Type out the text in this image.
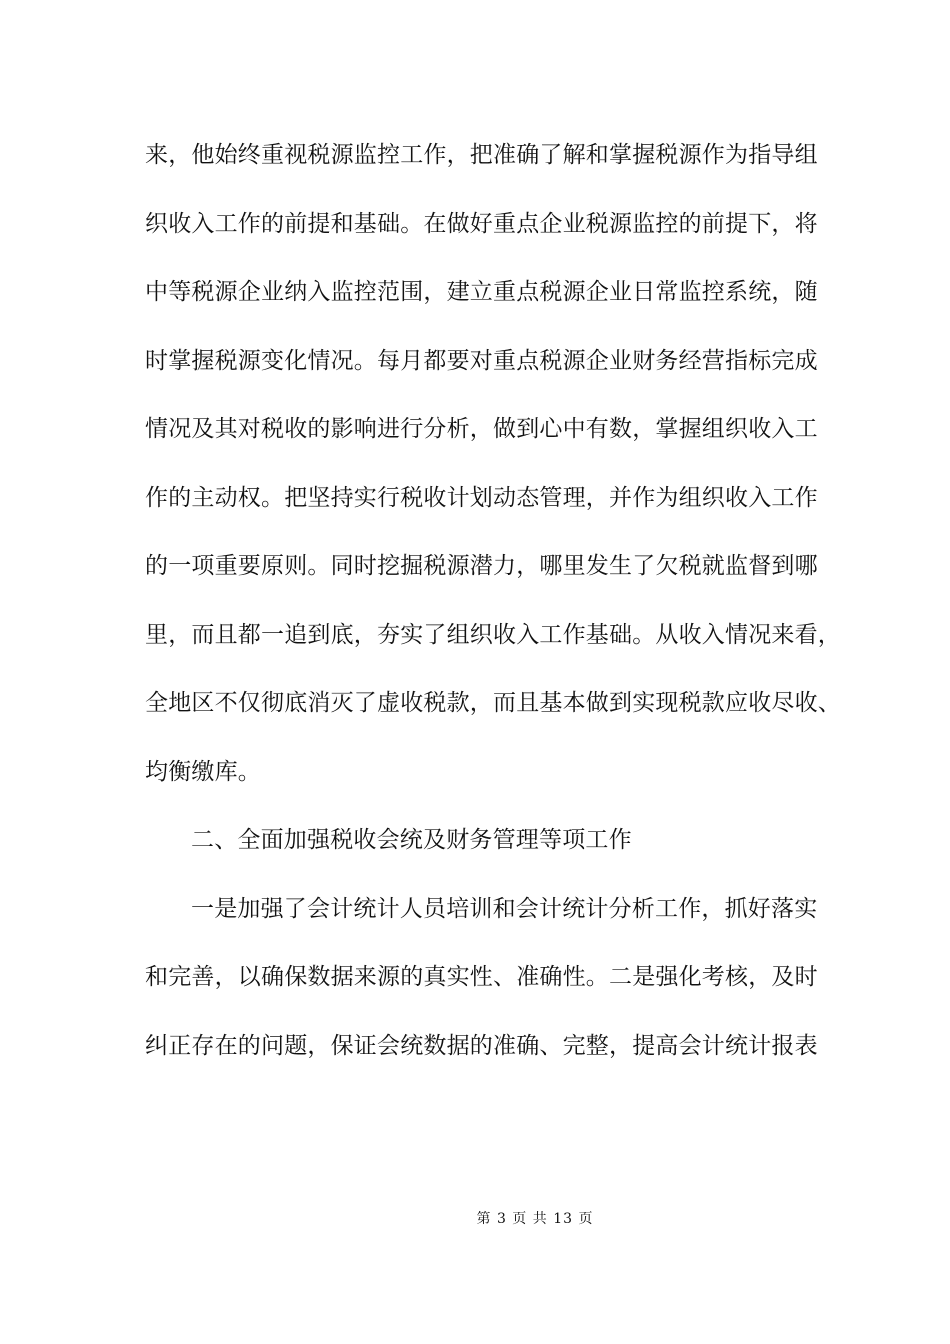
来，他始终重视税源监控工作，把准确了解和掌握税源作为指导组
织收入工作的前提和基础。在做好重点企业税源监控的前提下，将
中等税源企业纳入监控范围，建立重点税源企业日常监控系统，随
时掌握税源变化情况。每月都要对重点税源企业财务经营指标完成
情况及其对税收的影响进行分析，做到心中有数，掌握组织收入工
作的主动权。把坚持实行税收计划动态管理，并作为组织收入工作
的一项重要原则。同时挖掘税源潜力，哪里发生了欠税就监督到哪
里，而且都一追到底，夯实了组织收入工作基础。从收入情况来看，
全地区不仅彻底消灭了虚收税款，而且基本做到实现税款应收尽收、
均衡缴库。
二、全面加强税收会统及财务管理等项工作
一是加强了会计统计人员培训和会计统计分析工作，抓好落实
和完善，以确保数据来源的真实性、准确性。二是强化考核，及时
纠正存在的问题，保证会统数据的准确、完整，提高会计统计报表
第 3 页 共 13 页
